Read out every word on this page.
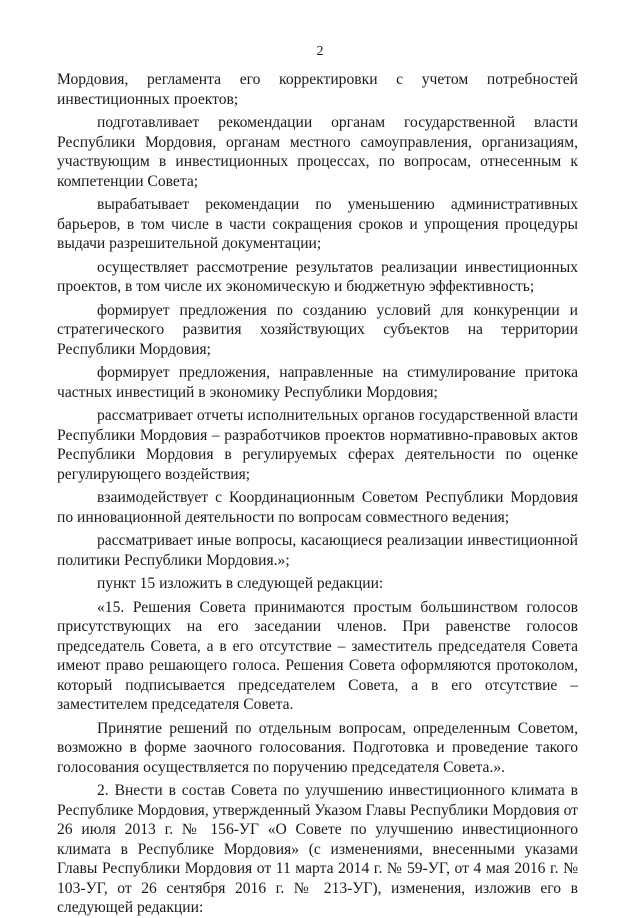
2

Мордовия, регламента его корректировки с учетом потребностей инвестиционных проектов;

подготавливает рекомендации органам государственной власти Республики Мордовия, органам местного самоуправления, организациям, участвующим в инвестиционных процессах, по вопросам, отнесенным к компетенции Совета;

вырабатывает рекомендации по уменьшению административных барьеров, в том числе в части сокращения сроков и упрощения процедуры выдачи разрешительной документации;

осуществляет рассмотрение результатов реализации инвестиционных проектов, в том числе их экономическую и бюджетную эффективность;

формирует предложения по созданию условий для конкуренции и стратегического развития хозяйствующих субъектов на территории Республики Мордовия;

формирует предложения, направленные на стимулирование притока частных инвестиций в экономику Республики Мордовия;

рассматривает отчеты исполнительных органов государственной власти Республики Мордовия – разработчиков проектов нормативно-правовых актов Республики Мордовия в регулируемых сферах деятельности по оценке регулирующего воздействия;

взаимодействует с Координационным Советом Республики Мордовия по инновационной деятельности по вопросам совместного ведения;

рассматривает иные вопросы, касающиеся реализации инвестиционной политики Республики Мордовия.»;

пункт 15 изложить в следующей редакции:

«15. Решения Совета принимаются простым большинством голосов присутствующих на его заседании членов. При равенстве голосов председатель Совета, а в его отсутствие – заместитель председателя Совета имеют право решающего голоса. Решения Совета оформляются протоколом, который подписывается председателем Совета, а в его отсутствие – заместителем председателя Совета.

Принятие решений по отдельным вопросам, определенным Советом, возможно в форме заочного голосования. Подготовка и проведение такого голосования осуществляется по поручению председателя Совета.».

2. Внести в состав Совета по улучшению инвестиционного климата в Республике Мордовия, утвержденный Указом Главы Республики Мордовия от 26 июля 2013 г. № 156-УГ «О Совете по улучшению инвестиционного климата в Республике Мордовия» (с изменениями, внесенными указами Главы Республики Мордовия от 11 марта 2014 г. № 59-УГ, от 4 мая 2016 г. № 103-УГ, от 26 сентября 2016 г. № 213-УГ), изменения, изложив его в следующей редакции:
